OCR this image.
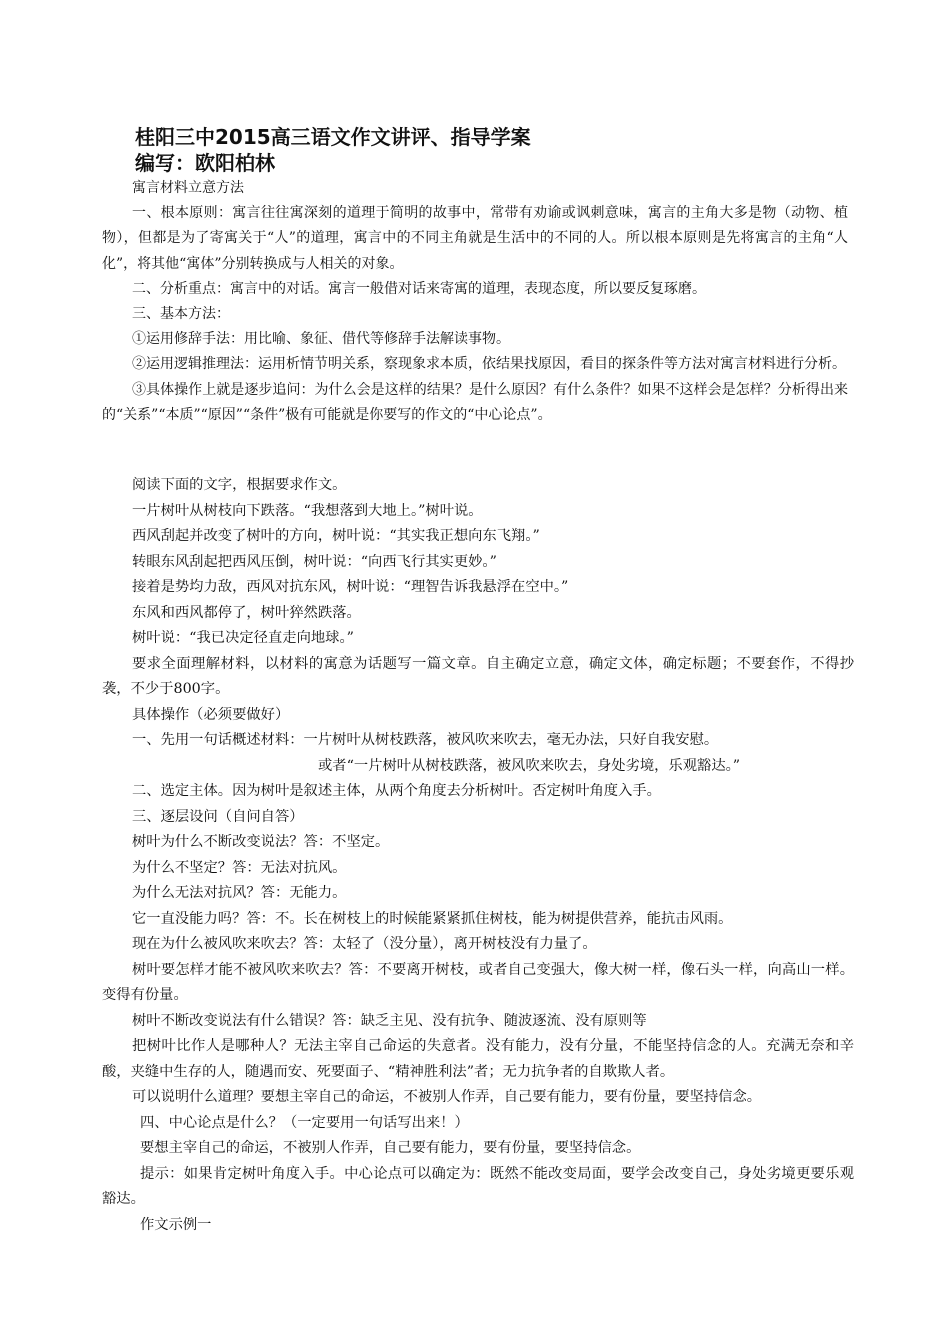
桂阳三中2015高三语文作文讲评、指导学案
编写：欧阳柏林

寓言材料立意方法

一、根本原则：寓言往往寓深刻的道理于简明的故事中，常带有劝谕或讽刺意味，寓言的主角大多是物（动物、植物），但都是为了寄寓关于“人”的道理，寓言中的不同主角就是生活中的不同的人。所以根本原则是先将寓言的主角“人化”，将其他“寓体”分别转换成与人相关的对象。

二、分析重点：寓言中的对话。寓言一般借对话来寄寓的道理，表现态度，所以要反复琢磨。

三、基本方法：

①运用修辞手法：用比喻、象征、借代等修辞手法解读事物。

②运用逻辑推理法：运用析情节明关系，察现象求本质，依结果找原因，看目的探条件等方法对寓言材料进行分析。

③具体操作上就是逐步追问：为什么会是这样的结果？是什么原因？有什么条件？如果不这样会是怎样？分析得出来的“关系”“本质”“原因”“条件”极有可能就是你要写的作文的“中心论点”。

阅读下面的文字，根据要求作文。

一片树叶从树枝向下跌落。“我想落到大地上。”树叶说。

西风刮起并改变了树叶的方向，树叶说：“其实我正想向东飞翔。”

转眼东风刮起把西风压倒，树叶说：“向西飞行其实更妙。”

接着是势均力敌，西风对抗东风，树叶说：“理智告诉我悬浮在空中。”

东风和西风都停了，树叶猝然跌落。

树叶说：“我已决定径直走向地球。”

要求全面理解材料，以材料的寓意为话题写一篇文章。自主确定立意，确定文体，确定标题；不要套作，不得抄袭，不少于800字。

具体操作（必须要做好）

一、先用一句话概述材料：一片树叶从树枝跌落，被风吹来吹去，毫无办法，只好自我安慰。

或者“一片树叶从树枝跌落，被风吹来吹去，身处劣境，乐观豁达。”

二、选定主体。因为树叶是叙述主体，从两个角度去分析树叶。否定树叶角度入手。

三、逐层设问（自问自答）

树叶为什么不断改变说法？答：不坚定。

为什么不坚定？答：无法对抗风。

为什么无法对抗风？答：无能力。

它一直没能力吗？答：不。长在树枝上的时候能紧紧抓住树枝，能为树提供营养，能抗击风雨。

现在为什么被风吹来吹去？答：太轻了（没分量），离开树枝没有力量了。

树叶要怎样才能不被风吹来吹去？答：不要离开树枝，或者自己变强大，像大树一样，像石头一样，向高山一样。变得有份量。

树叶不断改变说法有什么错误？答：缺乏主见、没有抗争、随波逐流、没有原则等

把树叶比作人是哪种人？无法主宰自己命运的失意者。没有能力，没有分量，不能坚持信念的人。充满无奈和辛酸，夹缝中生存的人，随遇而安、死要面子、“精神胜利法”者；无力抗争者的自欺欺人者。

可以说明什么道理？要想主宰自己的命运，不被别人作弄，自己要有能力，要有份量，要坚持信念。

四、中心论点是什么？（一定要用一句话写出来！）

要想主宰自己的命运，不被别人作弄，自己要有能力，要有份量，要坚持信念。

提示：如果肯定树叶角度入手。中心论点可以确定为：既然不能改变局面，要学会改变自己，身处劣境更要乐观豁达。

作文示例一
